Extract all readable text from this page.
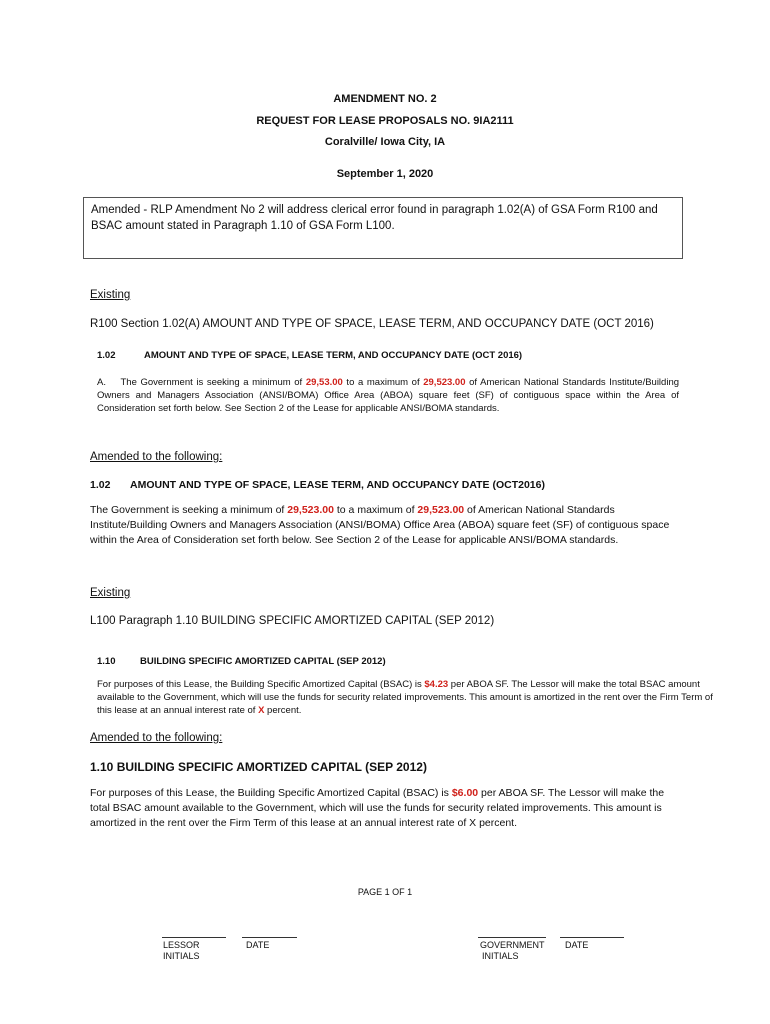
AMENDMENT NO. 2
REQUEST FOR LEASE PROPOSALS NO. 9IA2111
Coralville/ Iowa City, IA
September 1, 2020
Amended - RLP Amendment No 2 will address clerical error found in paragraph 1.02(A) of GSA Form R100 and BSAC amount stated in Paragraph 1.10 of GSA Form L100.
Existing
R100 Section 1.02(A) AMOUNT AND TYPE OF SPACE, LEASE TERM, AND OCCUPANCY DATE (OCT 2016)
1.02	AMOUNT AND TYPE OF SPACE, LEASE TERM, AND OCCUPANCY DATE (OCT 2016)
A. The Government is seeking a minimum of 29,53.00 to a maximum of 29,523.00 of American National Standards Institute/Building Owners and Managers Association (ANSI/BOMA) Office Area (ABOA) square feet (SF) of contiguous space within the Area of Consideration set forth below. See Section 2 of the Lease for applicable ANSI/BOMA standards.
Amended to the following:
1.02 AMOUNT AND TYPE OF SPACE, LEASE TERM, AND OCCUPANCY DATE (OCT2016)
The Government is seeking a minimum of 29,523.00 to a maximum of 29,523.00 of American National Standards Institute/Building Owners and Managers Association (ANSI/BOMA) Office Area (ABOA) square feet (SF) of contiguous space within the Area of Consideration set forth below. See Section 2 of the Lease for applicable ANSI/BOMA standards.
Existing
L100 Paragraph 1.10 BUILDING SPECIFIC AMORTIZED CAPITAL (SEP 2012)
1.10	BUILDING SPECIFIC AMORTIZED CAPITAL (SEP 2012)
For purposes of this Lease, the Building Specific Amortized Capital (BSAC) is $4.23 per ABOA SF. The Lessor will make the total BSAC amount available to the Government, which will use the funds for security related improvements. This amount is amortized in the rent over the Firm Term of this lease at an annual interest rate of X percent.
Amended to the following:
1.10 BUILDING SPECIFIC AMORTIZED CAPITAL (SEP 2012)
For purposes of this Lease, the Building Specific Amortized Capital (BSAC) is $6.00 per ABOA SF. The Lessor will make the total BSAC amount available to the Government, which will use the funds for security related improvements. This amount is amortized in the rent over the Firm Term of this lease at an annual interest rate of X percent.
PAGE 1 OF 1
LESSOR
INITIALS
DATE	GOVERNMENT
INITIALS
DATE
